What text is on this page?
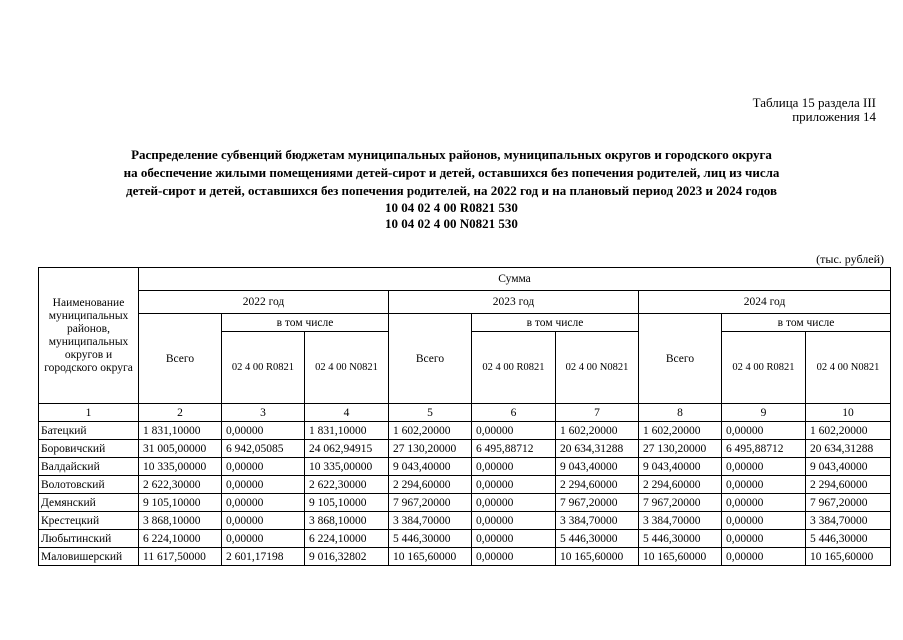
Таблица 15 раздела III
приложения 14
Распределение субвенций бюджетам муниципальных районов, муниципальных округов и городского округа
на обеспечение жилыми помещениями детей-сирот и детей, оставшихся без попечения родителей, лиц из числа
детей-сирот и детей, оставшихся без попечения родителей, на 2022 год и на плановый период 2023 и 2024 годов
10 04 02 4 00 R0821 530
10 04 02 4 00 N0821 530
(тыс. рублей)
Наименование муниципальных районов, муниципальных округов и городского округа	Сумма								
	2022 год			2023 год			2024 год		
	Всего	в том числе		Всего	в том числе		Всего	в том числе	
		02 4 00 R0821	02 4 00 N0821		02 4 00 R0821	02 4 00 N0821		02 4 00 R0821	02 4 00 N0821
1	2	3	4	5	6	7	8	9	10
Батецкий	1 831,10000	0,00000	1 831,10000	1 602,20000	0,00000	1 602,20000	1 602,20000	0,00000	1 602,20000
Боровичский	31 005,00000	6 942,05085	24 062,94915	27 130,20000	6 495,88712	20 634,31288	27 130,20000	6 495,88712	20 634,31288
Валдайский	10 335,00000	0,00000	10 335,00000	9 043,40000	0,00000	9 043,40000	9 043,40000	0,00000	9 043,40000
Волотовский	2 622,30000	0,00000	2 622,30000	2 294,60000	0,00000	2 294,60000	2 294,60000	0,00000	2 294,60000
Демянский	9 105,10000	0,00000	9 105,10000	7 967,20000	0,00000	7 967,20000	7 967,20000	0,00000	7 967,20000
Крестецкий	3 868,10000	0,00000	3 868,10000	3 384,70000	0,00000	3 384,70000	3 384,70000	0,00000	3 384,70000
Любытинский	6 224,10000	0,00000	6 224,10000	5 446,30000	0,00000	5 446,30000	5 446,30000	0,00000	5 446,30000
Маловишерский	11 617,50000	2 601,17198	9 016,32802	10 165,60000	0,00000	10 165,60000	10 165,60000	0,00000	10 165,60000
